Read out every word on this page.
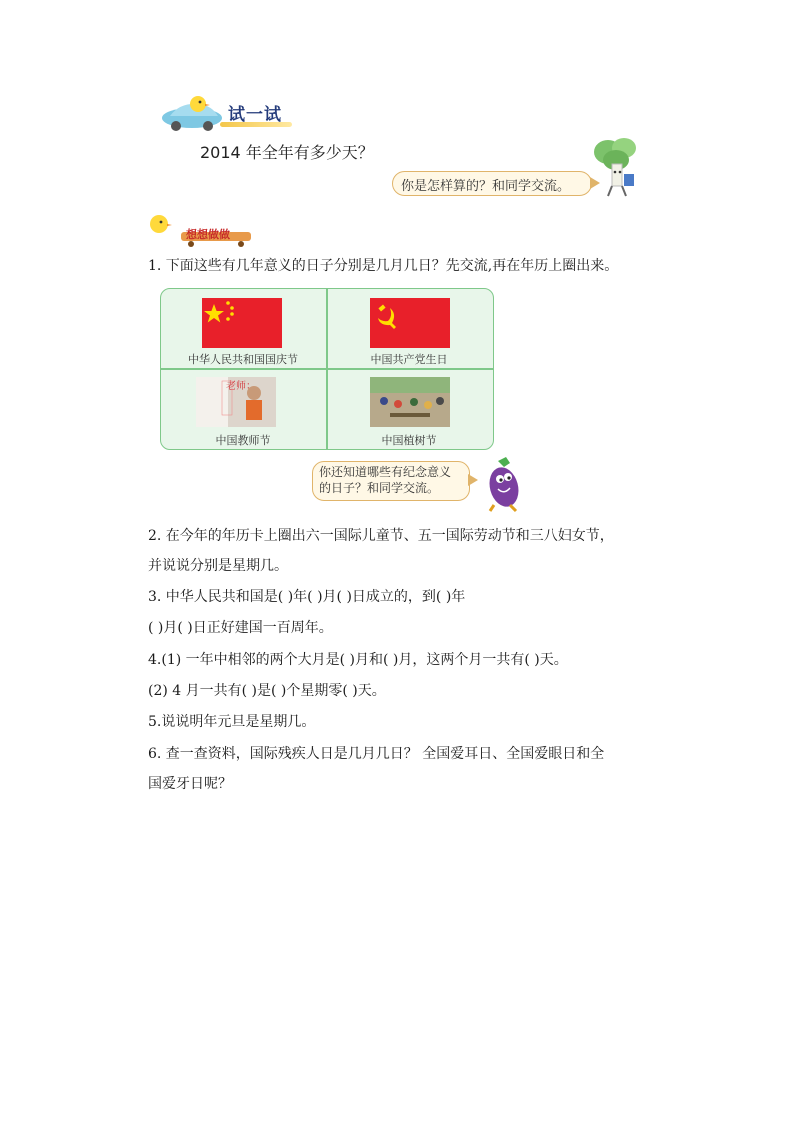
试一试
2014 年全年有多少天？
你是怎样算的？和同学交流。
想想做做
1. 下面这些有几年意义的日子分别是几月几日？先交流,再在年历上圈出来。
中华人民共和国国庆节	中国共产党生日
老师：
中国教师节	中国植树节
你还知道哪些有纪念意义
的日子？和同学交流。
2. 在今年的年历卡上圈出六一国际儿童节、五一国际劳动节和三八妇女节，
并说说分别是星期几。
3. 中华人民共和国是( )年( )月( )日成立的，到( )年
( )月( )日正好建国一百周年。
4.(1) 一年中相邻的两个大月是( )月和( )月，这两个月一共有( )天。
(2) 4 月一共有( )是( )个星期零( )天。
5.说说明年元旦是星期几。
6. 查一查资料，国际残疾人日是几月几日？ 全国爱耳日、全国爱眼日和全
国爱牙日呢？
